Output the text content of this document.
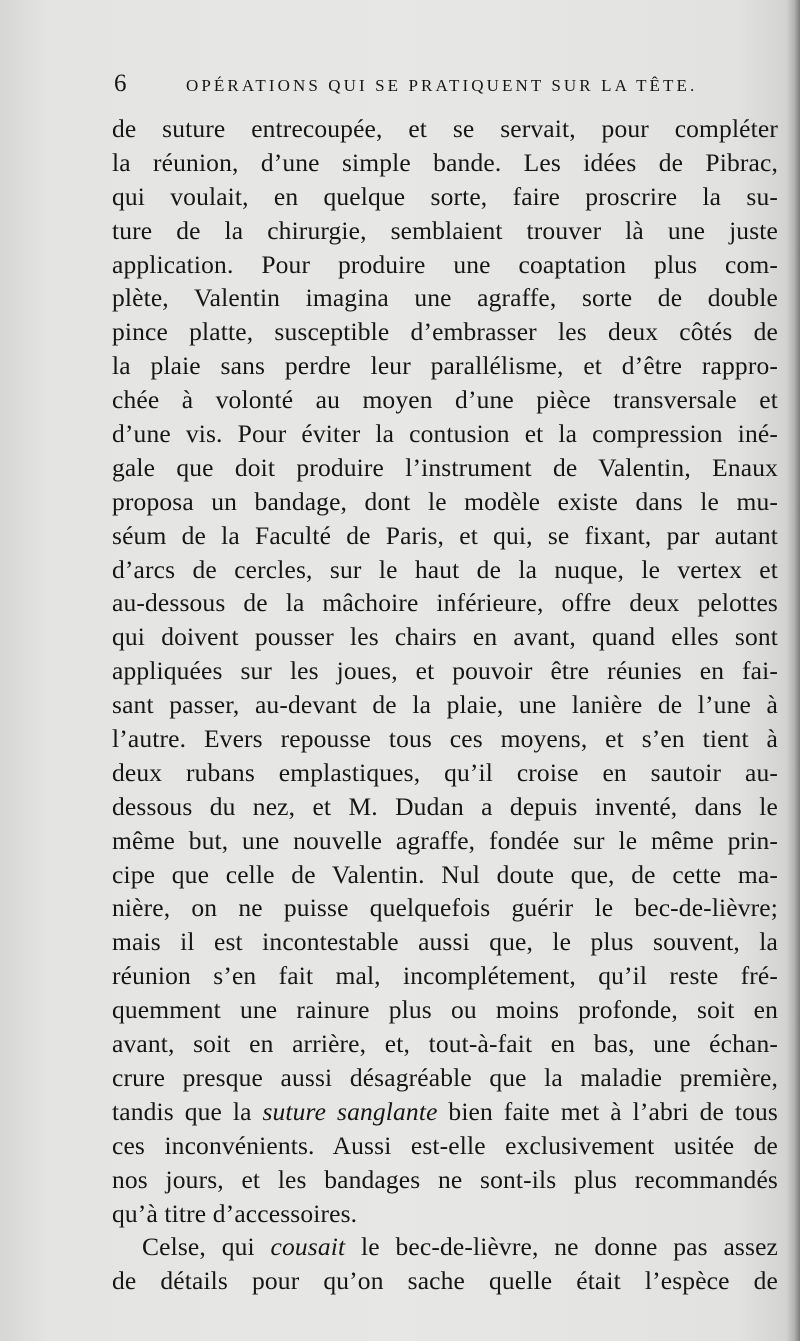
6	OPÉRATIONS QUI SE PRATIQUENT SUR LA TÊTE.
de suture entrecoupée, et se servait, pour compléter
la réunion, d’une simple bande. Les idées de Pibrac,
qui voulait, en quelque sorte, faire proscrire la su-
ture de la chirurgie, semblaient trouver là une juste
application. Pour produire une coaptation plus com-
plète, Valentin imagina une agraffe, sorte de double
pince platte, susceptible d’embrasser les deux côtés de
la plaie sans perdre leur parallélisme, et d’être rappro-
chée à volonté au moyen d’une pièce transversale et
d’une vis. Pour éviter la contusion et la compression iné-
gale que doit produire l’instrument de Valentin, Enaux
proposa un bandage, dont le modèle existe dans le mu-
séum de la Faculté de Paris, et qui, se fixant, par autant
d’arcs de cercles, sur le haut de la nuque, le vertex et
au-dessous de la mâchoire inférieure, offre deux pelottes
qui doivent pousser les chairs en avant, quand elles sont
appliquées sur les joues, et pouvoir être réunies en fai-
sant passer, au-devant de la plaie, une lanière de l’une à
l’autre. Evers repousse tous ces moyens, et s’en tient à
deux rubans emplastiques, qu’il croise en sautoir au-
dessous du nez, et M. Dudan a depuis inventé, dans le
même but, une nouvelle agraffe, fondée sur le même prin-
cipe que celle de Valentin. Nul doute que, de cette ma-
nière, on ne puisse quelquefois guérir le bec-de-lièvre;
mais il est incontestable aussi que, le plus souvent, la
réunion s’en fait mal, incomplétement, qu’il reste fré-
quemment une rainure plus ou moins profonde, soit en
avant, soit en arrière, et, tout-à-fait en bas, une échan-
crure presque aussi désagréable que la maladie première,
tandis que la suture sanglante bien faite met à l’abri de tous
ces inconvénients. Aussi est-elle exclusivement usitée de
nos jours, et les bandages ne sont-ils plus recommandés
qu’à titre d’accessoires.
Celse, qui cousait le bec-de-lièvre, ne donne pas assez
de détails pour qu’on sache quelle était l’espèce de
